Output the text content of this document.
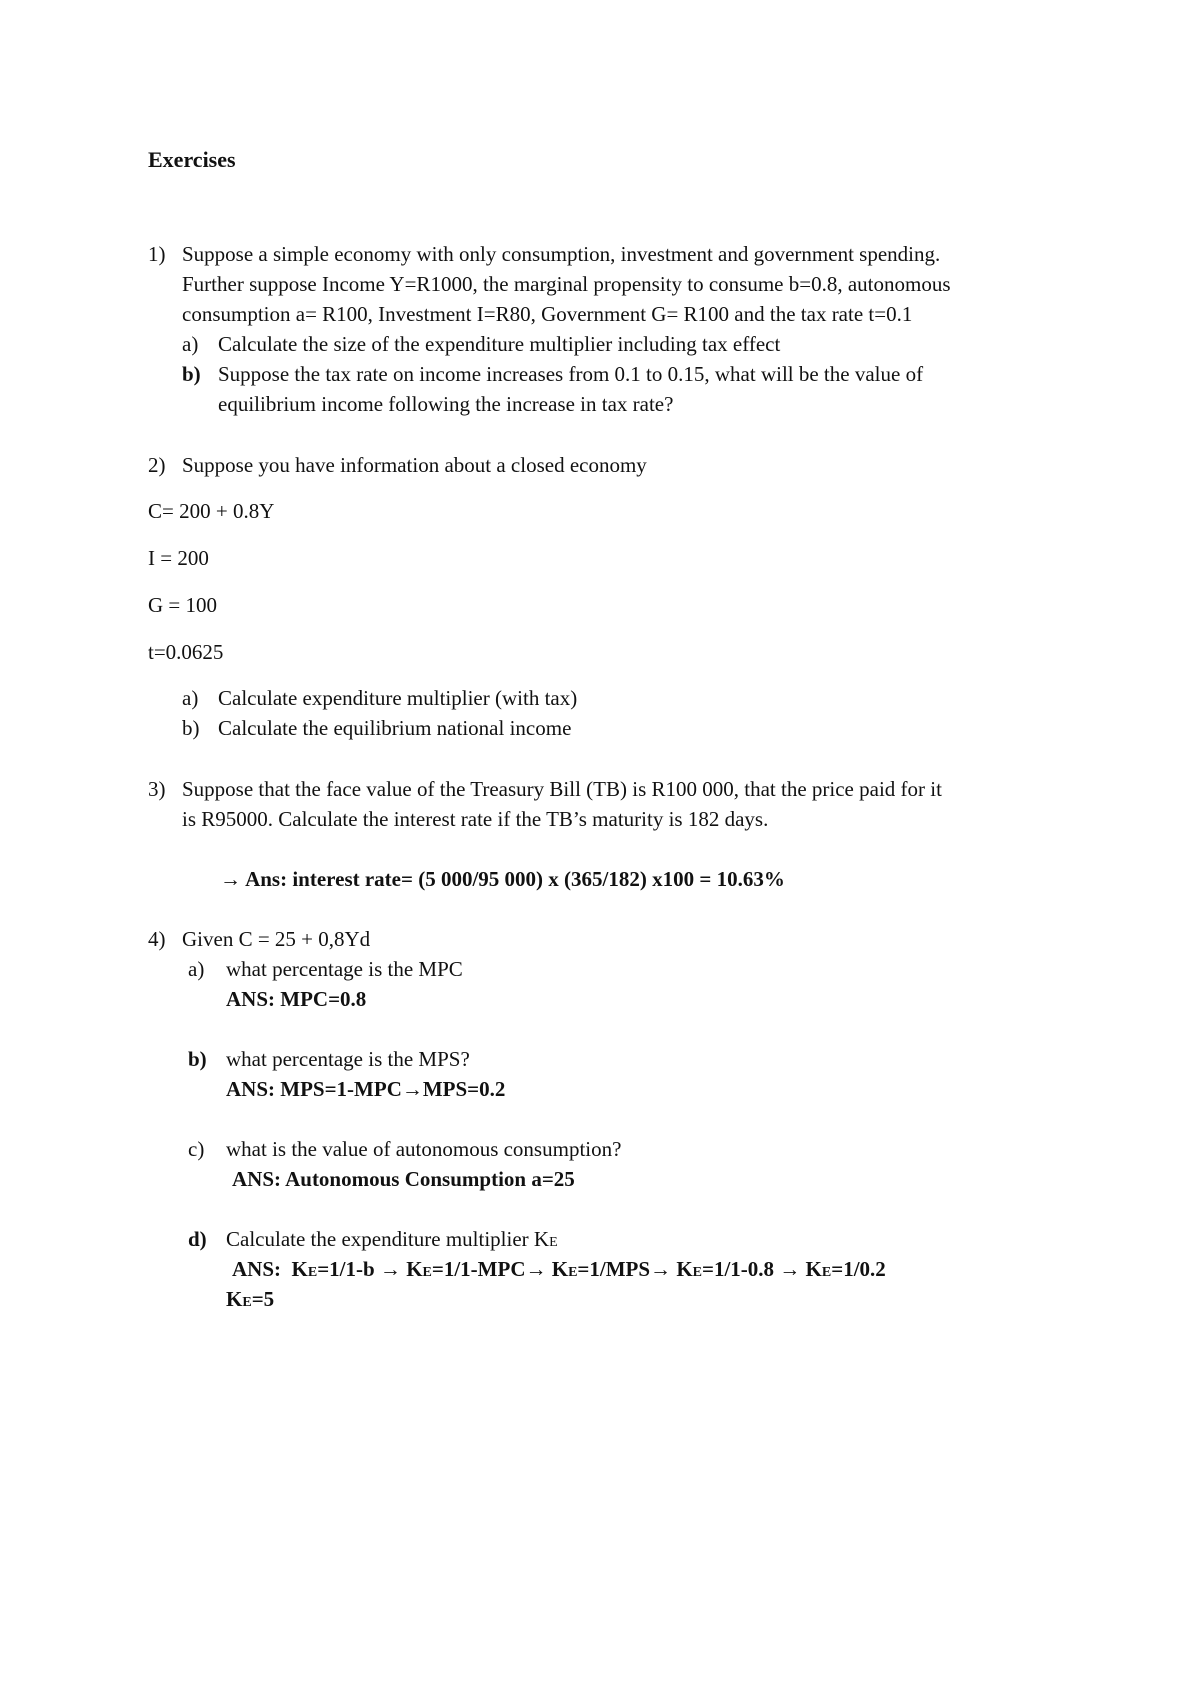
Exercises
1) Suppose a simple economy with only consumption, investment and government spending.
Further suppose Income Y=R1000, the marginal propensity to consume b=0.8, autonomous
consumption a= R100, Investment I=R80, Government G= R100 and the tax rate t=0.1
a) Calculate the size of the expenditure multiplier including tax effect
b) Suppose the tax rate on income increases from 0.1 to 0.15, what will be the value of
equilibrium income following the increase in tax rate?
2) Suppose you have information about a closed economy
C= 200 + 0.8Y
I = 200
G = 100
t=0.0625
a) Calculate expenditure multiplier (with tax)
b) Calculate the equilibrium national income
3) Suppose that the face value of the Treasury Bill (TB) is R100 000, that the price paid for it
is R95000. Calculate the interest rate if the TB’s maturity is 182 days.
→ Ans: interest rate= (5 000/95 000) x (365/182) x100 = 10.63%
4) Given C = 25 + 0,8Yd
a) what percentage is the MPC
ANS: MPC=0.8
b) what percentage is the MPS?
ANS: MPS=1-MPC→MPS=0.2
c) what is the value of autonomous consumption?
ANS: Autonomous Consumption a=25
d) Calculate the expenditure multiplier KE
ANS: KE=1/1-b → KE=1/1-MPC→ KE=1/MPS→ KE=1/1-0.8 → KE=1/0.2
KE=5
